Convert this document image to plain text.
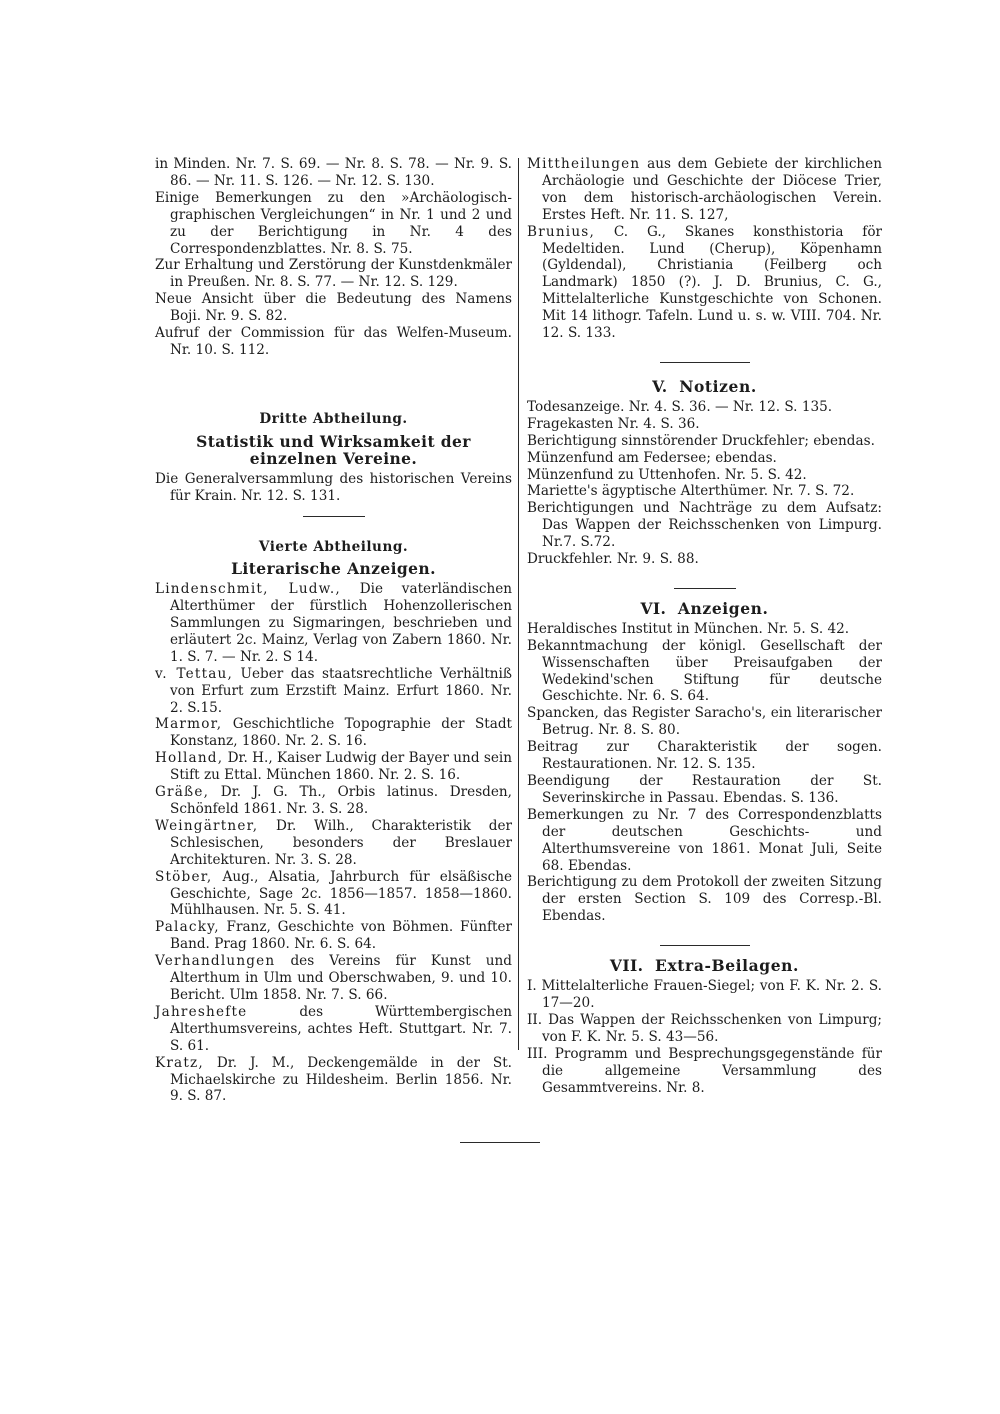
in Minden. Nr. 7. S. 69. — Nr. 8. S. 78. — Nr. 9. S. 86. — Nr. 11. S. 126. — Nr. 12. S. 130.

Einige Bemerkungen zu den »Archäologisch-graphischen Vergleichungen“ in Nr. 1 und 2 und zu der Berichtigung in Nr. 4 des Correspondenzblattes. Nr. 8. S. 75.

Zur Erhaltung und Zerstörung der Kunstdenkmäler in Preußen. Nr. 8. S. 77. — Nr. 12. S. 129.

Neue Ansicht über die Bedeutung des Namens Boji. Nr. 9. S. 82.

Aufruf der Commission für das Welfen-Museum. Nr. 10. S. 112.

Dritte Abtheilung.

Statistik und Wirksamkeit der einzelnen Vereine.

Die Generalversammlung des historischen Vereins für Krain. Nr. 12. S. 131.

Vierte Abtheilung.

Literarische Anzeigen.

Lindenschmit, Ludw., Die vaterländischen Alterthümer der fürstlich Hohenzollerischen Sammlungen zu Sigmaringen, beschrieben und erläutert 2c. Mainz, Verlag von Zabern 1860. Nr. 1. S. 7. — Nr. 2. S 14.

v. Tettau, Ueber das staatsrechtliche Verhältniß von Erfurt zum Erzstift Mainz. Erfurt 1860. Nr. 2. S.15.

Marmor, Geschichtliche Topographie der Stadt Konstanz, 1860. Nr. 2. S. 16.

Holland, Dr. H., Kaiser Ludwig der Bayer und sein Stift zu Ettal. München 1860. Nr. 2. S. 16.

Gräße, Dr. J. G. Th., Orbis latinus. Dresden, Schönfeld 1861. Nr. 3. S. 28.

Weingärtner, Dr. Wilh., Charakteristik der Schlesischen, besonders der Breslauer Architekturen. Nr. 3. S. 28.

Stöber, Aug., Alsatia, Jahrburch für elsäßische Geschichte, Sage 2c. 1856—1857. 1858—1860. Mühlhausen. Nr. 5. S. 41.

Palacky, Franz, Geschichte von Böhmen. Fünfter Band. Prag 1860. Nr. 6. S. 64.

Verhandlungen des Vereins für Kunst und Alterthum in Ulm und Oberschwaben, 9. und 10. Bericht. Ulm 1858. Nr. 7. S. 66.

Jahreshefte des Württembergischen Alterthumsvereins, achtes Heft. Stuttgart. Nr. 7. S. 61.

Kratz, Dr. J. M., Deckengemälde in der St. Michaelskirche zu Hildesheim. Berlin 1856. Nr. 9. S. 87.

Mittheilungen aus dem Gebiete der kirchlichen Archäologie und Geschichte der Diöcese Trier, von dem historisch-archäologischen Verein. Erstes Heft. Nr. 11. S. 127,

Brunius, C. G., Skanes konsthistoria för Medeltiden. Lund (Cherup), Köpenhamn (Gyldendal), Christiania (Feilberg och Landmark) 1850 (?). J. D. Brunius, C. G., Mittelalterliche Kunstgeschichte von Schonen. Mit 14 lithogr. Tafeln. Lund u. s. w. VIII. 704. Nr. 12. S. 133.

V. Notizen.

Todesanzeige. Nr. 4. S. 36. — Nr. 12. S. 135.

Fragekasten Nr. 4. S. 36.

Berichtigung sinnstörender Druckfehler; ebendas.

Münzenfund am Federsee; ebendas.

Münzenfund zu Uttenhofen. Nr. 5. S. 42.

Mariette's ägyptische Alterthümer. Nr. 7. S. 72.

Berichtigungen und Nachträge zu dem Aufsatz: Das Wappen der Reichsschenken von Limpurg. Nr.7. S.72.

Druckfehler. Nr. 9. S. 88.

VI. Anzeigen.

Heraldisches Institut in München. Nr. 5. S. 42.

Bekanntmachung der königl. Gesellschaft der Wissenschaften über Preisaufgaben der Wedekind'schen Stiftung für deutsche Geschichte. Nr. 6. S. 64.

Spancken, das Register Saracho's, ein literarischer Betrug. Nr. 8. S. 80.

Beitrag zur Charakteristik der sogen. Restaurationen. Nr. 12. S. 135.

Beendigung der Restauration der St. Severinskirche in Passau. Ebendas. S. 136.

Bemerkungen zu Nr. 7 des Correspondenzblatts der deutschen Geschichts- und Alterthumsvereine von 1861. Monat Juli, Seite 68. Ebendas.

Berichtigung zu dem Protokoll der zweiten Sitzung der ersten Section S. 109 des Corresp.-Bl. Ebendas.

VII. Extra-Beilagen.

I. Mittelalterliche Frauen-Siegel; von F. K. Nr. 2. S. 17—20.

II. Das Wappen der Reichsschenken von Limpurg; von F. K. Nr. 5. S. 43—56.

III. Programm und Besprechungsgegenstände für die allgemeine Versammlung des Gesammtvereins. Nr. 8.
